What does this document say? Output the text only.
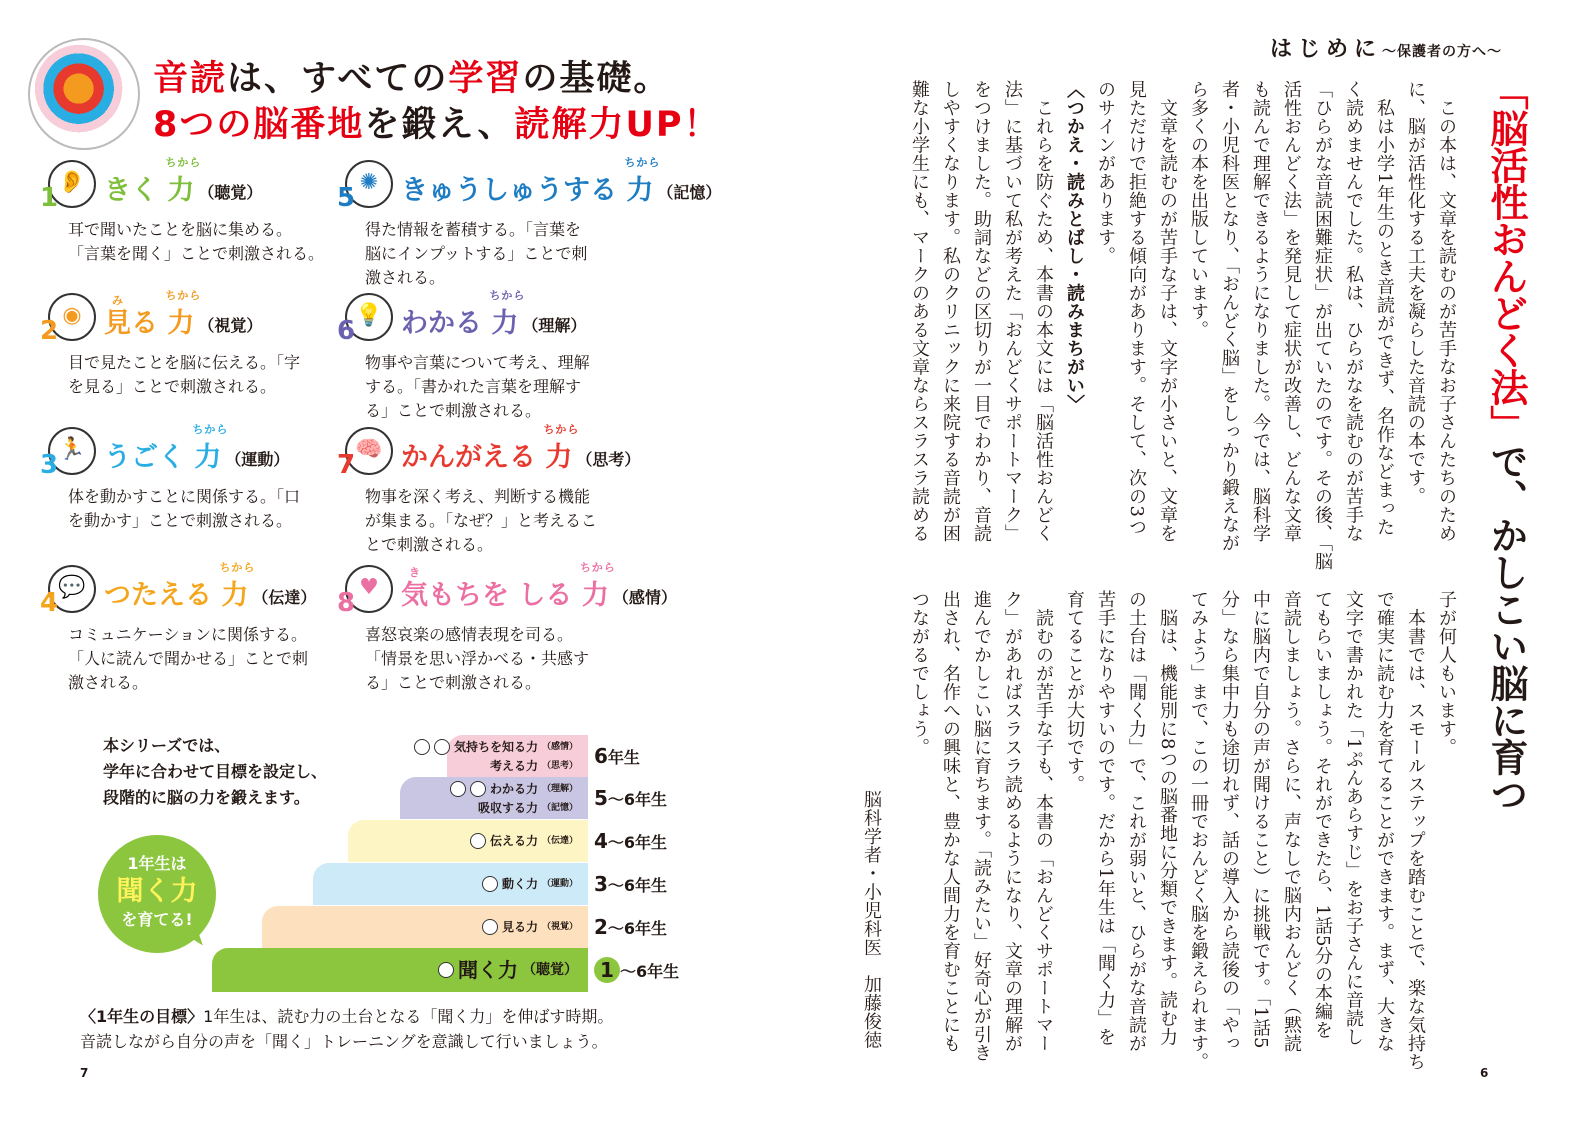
音読は、すべての学習の基礎。
8つの脳番地を鍛え、読解力UP！
👂
1 きく 力
ちから
（聴覚）
耳で聞いたことを脳に集める。
「言葉を聞く」ことで刺激される。
◉
2 見る
み
力
ちから
（視覚）
目で見たことを脳に伝える。「字
を見る」ことで刺激される。
🏃
3 うごく 力
ちから
（運動）
体を動かすことに関係する。「口
を動かす」ことで刺激される。
💬
4 つたえる 力
ちから
（伝達）
コミュニケーションに関係する。
「人に読んで聞かせる」ことで刺
激される。
✺
5 きゅうしゅうする 力
ちから
（記憶）
得た情報を蓄積する。「言葉を
脳にインプットする」ことで刺
激される。
💡
6 わかる 力
ちから
（理解）
物事や言葉について考え、理解
する。「書かれた言葉を理解す
る」ことで刺激される。
🧠
7 かんがえる 力
ちから
（思考）
物事を深く考え、判断する機能
が集まる。「なぜ？」と考えるこ
とで刺激される。
♥
8 気もちを しる
き
力
ちから
（感情）
喜怒哀楽の感情表現を司る。
「情景を思い浮かべる・共感す
る」ことで刺激される。
本シリーズでは、
学年に合わせて目標を設定し、
段階的に脳の力を鍛えます。
1年生は
聞く力
を育てる!
気持ちを知る力 （感情）
考える力 （思考） 6年生
わかる力 （理解）
吸収する力 （記憶） 5～6年生
伝える力 （伝達） 4～6年生
動く力 （運動） 3～6年生
見る力 （視覚） 2～6年生
聞く力 （聴覚）	1 ～6年生
〈1年生の目標〉1年生は、読む力の土台となる「聞く力」を伸ばす時期。
音読しながら自分の声を「聞く」トレーニングを意識して行いましょう。
7
はじめに～保護者の方へ～
「脳活性おんどく法」で、かしこい脳に育つ
　この本は、文章を読むのが苦手なお子さんたちのため
に、脳が活性化する工夫を凝らした音読の本です。
　私は小学1年生のとき音読ができず、名作などまった
く読めませんでした。私は、ひらがなを読むのが苦手な
「ひらがな音読困難症状」が出ていたのです。その後、「脳
活性おんどく法」を発見して症状が改善し、どんな文章
も読んで理解できるようになりました。今では、脳科学
者・小児科医となり、「おんどく脳」をしっかり鍛えなが
ら多くの本を出版しています。
　文章を読むのが苦手な子は、文字が小さいと、文章を
見ただけで拒絶する傾向があります。そして、次の3つ
のサインがあります。
〈つかえ・読みとばし・読みまちがい〉
　これらを防ぐため、本書の本文には「脳活性おんどく
法」に基づいて私が考えた「おんどくサポートマーク」
をつけました。助詞などの区切りが一目でわかり、音読
しやすくなります。私のクリニックに来院する音読が困
難な小学生にも、マークのある文章ならスラスラ読める
子が何人もいます。
　本書では、スモールステップを踏むことで、楽な気持ち
で確実に読む力を育てることができます。まず、大きな
文字で書かれた「1ぷんあらすじ」をお子さんに音読し
てもらいましょう。それができたら、1話5分の本編を
音読しましょう。さらに、声なしで脳内おんどく（黙読
中に脳内で自分の声が聞けること）に挑戦です。「1話5
分」なら集中力も途切れず、話の導入から読後の「やっ
てみよう」まで、この一冊でおんどく脳を鍛えられます。
　脳は、機能別に8つの脳番地に分類できます。読む力
の土台は「聞く力」で、これが弱いと、ひらがな音読が
苦手になりやすいのです。だから1年生は「聞く力」を
育てることが大切です。
　読むのが苦手な子も、本書の「おんどくサポートマー
ク」があればスラスラ読めるようになり、文章の理解が
進んでかしこい脳に育ちます。「読みたい」好奇心が引き
出され、名作への興味と、豊かな人間力を育むことにも
つながるでしょう。
脳科学者・小児科医　加藤俊徳
6
